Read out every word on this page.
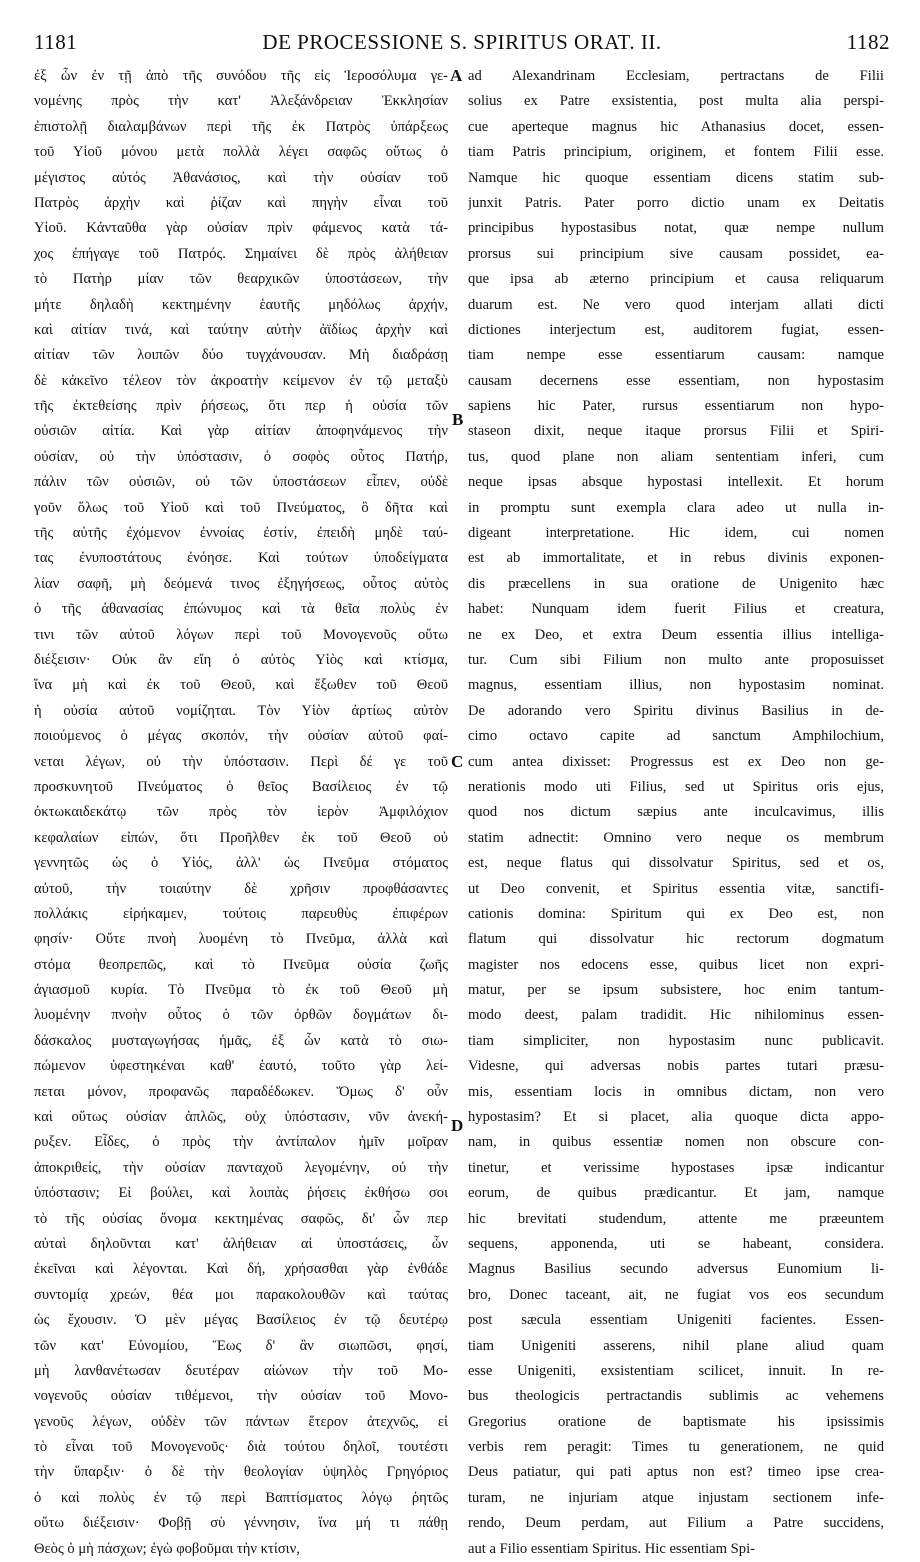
1181	DE PROCESSIONE S. SPIRITUS ORAT. II.	1182
ἐξ ὧν ἐν τῇ ἀπὸ τῆς συνόδου τῆς εἰς Ἱεροσόλυμα γε-
νομένης πρὸς τὴν κατ' Ἀλεξάνδρειαν Ἐκκλησίαν
ἐπιστολῇ διαλαμβάνων περὶ τῆς ἐκ Πατρὸς ὑπάρξεως
τοῦ Υἱοῦ μόνου μετὰ πολλὰ λέγει σαφῶς οὕτως ὁ
μέγιστος αὐτός Ἀθανάσιος, καὶ τὴν οὐσίαν τοῦ
Πατρὸς ἀρχὴν καὶ ῥίζαν καὶ πηγὴν εἶναι τοῦ
Υἱοῦ. Κἀνταῦθα γὰρ οὐσίαν πρὶν φάμενος κατὰ τά-
χος ἐπήγαγε τοῦ Πατρός. Σημαίνει δὲ πρὸς ἀλήθειαν
τὸ Πατὴρ μίαν τῶν θεαρχικῶν ὑποστάσεων, τὴν
μήτε δηλαδὴ κεκτημένην ἑαυτῆς μηδόλως ἀρχήν,
καὶ αἰτίαν τινά, καὶ ταύτην αὐτὴν ἀϊδίως ἀρχὴν καὶ
αἰτίαν τῶν λοιπῶν δύο τυγχάνουσαν. Μὴ διαδράσῃ
δὲ κἀκεῖνο τέλεον τὸν ἀκροατὴν κείμενον ἐν τῷ μεταξὺ
τῆς ἐκτεθείσης πρὶν ῥήσεως, ὅτι περ ἡ οὐσία τῶν
οὐσιῶν αἰτία. Καὶ γὰρ αἰτίαν ἀποφηνάμενος τὴν
οὐσίαν, οὐ τὴν ὑπόστασιν, ὁ σοφὸς οὗτος Πατήρ,
πάλιν τῶν οὐσιῶν, οὐ τῶν ὑποστάσεων εἶπεν, οὐδὲ
γοῦν ὅλως τοῦ Υἱοῦ καὶ τοῦ Πνεύματος, ὃ δῆτα καὶ
τῆς αὐτῆς ἐχόμενον ἐννοίας ἐστίν, ἐπειδὴ μηδὲ ταύ-
τας ἐνυποστάτους ἐνόησε. Καὶ τούτων ὑποδείγματα
λίαν σαφῆ, μὴ δεόμενά τινος ἐξηγήσεως, οὗτος αὐτὸς
ὁ τῆς ἀθανασίας ἐπώνυμος καὶ τὰ θεῖα πολὺς ἐν
τινι τῶν αὐτοῦ λόγων περὶ τοῦ Μονογενοῦς οὕτω
διέξεισιν· Οὐκ ἂν εἴη ὁ αὐτὸς Υἱὸς καὶ κτίσμα,
ἵνα μὴ καὶ ἐκ τοῦ Θεοῦ, καὶ ἔξωθεν τοῦ Θεοῦ
ἡ οὐσία αὐτοῦ νομίζηται. Τὸν Υἱὸν ἀρτίως αὐτὸν
ποιούμενος ὁ μέγας σκοπόν, τὴν οὐσίαν αὐτοῦ φαί-
νεται λέγων, οὐ τὴν ὑπόστασιν. Περὶ δέ γε τοῦ
προσκυνητοῦ Πνεύματος ὁ θεῖος Βασίλειος ἐν τῷ
ὀκτωκαιδεκάτῳ τῶν πρὸς τὸν ἱερὸν Ἀμφιλόχιον
κεφαλαίων εἰπών, ὅτι Προῆλθεν ἐκ τοῦ Θεοῦ οὐ
γεννητῶς ὡς ὁ Υἱός, ἀλλ' ὡς Πνεῦμα στόματος
αὐτοῦ, τὴν τοιαύτην δὲ χρῆσιν προφθάσαντες
πολλάκις εἰρήκαμεν, τούτοις παρευθὺς ἐπιφέρων
φησίν· Οὔτε πνοὴ λυομένη τὸ Πνεῦμα, ἀλλὰ καὶ
στόμα θεοπρεπῶς, καὶ τὸ Πνεῦμα οὐσία ζωῆς
ἁγιασμοῦ κυρία. Τὸ Πνεῦμα τὸ ἐκ τοῦ Θεοῦ μὴ
λυομένην πνοὴν οὗτος ὁ τῶν ὀρθῶν δογμάτων δι-
δάσκαλος μυσταγωγήσας ἡμᾶς, ἐξ ὧν κατὰ τὸ σιω-
πώμενον ὑφεστηκέναι καθ' ἑαυτό, τοῦτο γὰρ λεί-
πεται μόνον, προφανῶς παραδέδωκεν. Ὅμως δ' οὖν
καὶ οὕτως οὐσίαν ἁπλῶς, οὐχ ὑπόστασιν, νῦν ἀνεκή-
ρυξεν. Εἶδες, ὁ πρὸς τὴν ἀντίπαλον ἡμῖν μοῖραν
ἀποκριθείς, τὴν οὐσίαν πανταχοῦ λεγομένην, οὐ τὴν
ὑπόστασιν; Εἰ βούλει, καὶ λοιπὰς ῥήσεις ἐκθήσω σοι
τὸ τῆς οὐσίας ὄνομα κεκτημένας σαφῶς, δι' ὧν περ
αὐταὶ δηλοῦνται κατ' ἀλήθειαν αἱ ὑποστάσεις, ὧν
ἐκεῖναι καὶ λέγονται. Καὶ δή, χρήσασθαι γὰρ ἐνθάδε
συντομίᾳ χρεών, θέα μοι παρακολουθῶν καὶ ταύτας
ὡς ἔχουσιν. Ὁ μὲν μέγας Βασίλειος ἐν τῷ δευτέρῳ
τῶν κατ' Εὐνομίου, Ἕως δ' ἂν σιωπῶσι, φησί,
μὴ λανθανέτωσαν δευτέραν αἰώνων τὴν τοῦ Μο-
νογενοῦς οὐσίαν τιθέμενοι, τὴν οὐσίαν τοῦ Μονο-
γενοῦς λέγων, οὐδὲν τῶν πάντων ἕτερον ἀτεχνῶς, εἰ
τὸ εἶναι τοῦ Μονογενοῦς· διὰ τούτου δηλοῖ, τουτέστι
τὴν ὕπαρξιν· ὁ δὲ τὴν θεολογίαν ὑψηλὸς Γρηγόριος
ὁ καὶ πολὺς ἐν τῷ περὶ Βαπτίσματος λόγῳ ῥητῶς
οὕτω διέξεισιν· Φοβῇ σὺ γέννησιν, ἵνα μή τι πάθῃ
Θεὸς ὁ μὴ πάσχων; ἐγὼ φοβοῦμαι τὴν κτίσιν,
ad Alexandrinam Ecclesiam, pertractans de Filii
solius ex Patre exsistentia, post multa alia perspi-
cue aperteque magnus hic Athanasius docet, essen-
tiam Patris principium, originem, et fontem Filii esse.
Namque hic quoque essentiam dicens statim sub-
junxit Patris. Pater porro dictio unam ex Deitatis
principibus hypostasibus notat, quæ nempe nullum
prorsus sui principium sive causam possidet, ea-
que ipsa ab æterno principium et causa reliquarum
duarum est. Ne vero quod interjam allati dicti
dictiones interjectum est, auditorem fugiat, essen-
tiam nempe esse essentiarum causam: namque
causam decernens esse essentiam, non hypostasim
sapiens hic Pater, rursus essentiarum non hypo-
staseon dixit, neque itaque prorsus Filii et Spiri-
tus, quod plane non aliam sententiam inferi, cum
neque ipsas absque hypostasi intellexit. Et horum
in promptu sunt exempla clara adeo ut nulla in-
digeant interpretatione. Hic idem, cui nomen
est ab immortalitate, et in rebus divinis exponen-
dis præcellens in sua oratione de Unigenito hæc
habet: Nunquam idem fuerit Filius et creatura,
ne ex Deo, et extra Deum essentia illius intelliga-
tur. Cum sibi Filium non multo ante proposuisset
magnus, essentiam illius, non hypostasim nominat.
De adorando vero Spiritu divinus Basilius in de-
cimo octavo capite ad sanctum Amphilochium,
cum antea dixisset: Progressus est ex Deo non ge-
nerationis modo uti Filius, sed ut Spiritus oris ejus,
quod nos dictum sæpius ante inculcavimus, illis
statim adnectit: Omnino vero neque os membrum
est, neque flatus qui dissolvatur Spiritus, sed et os,
ut Deo convenit, et Spiritus essentia vitæ, sanctifi-
cationis domina: Spiritum qui ex Deo est, non
flatum qui dissolvatur hic rectorum dogmatum
magister nos edocens esse, quibus licet non expri-
matur, per se ipsum subsistere, hoc enim tantum-
modo deest, palam tradidit. Hic nihilominus essen-
tiam simpliciter, non hypostasim nunc publicavit.
Videsne, qui adversas nobis partes tutari præsu-
mis, essentiam locis in omnibus dictam, non vero
hypostasim? Et si placet, alia quoque dicta appo-
nam, in quibus essentiæ nomen non obscure con-
tinetur, et verissime hypostases ipsæ indicantur
eorum, de quibus prædicantur. Et jam, namque
hic brevitati studendum, attente me præeuntem
sequens, apponenda, uti se habeant, considera.
Magnus Basilius secundo adversus Eunomium li-
bro, Donec taceant, ait, ne fugiat vos eos secundum
post sæcula essentiam Unigeniti facientes. Essen-
tiam Unigeniti asserens, nihil plane aliud quam
esse Unigeniti, exsistentiam scilicet, innuit. In re-
bus theologicis pertractandis sublimis ac vehemens
Gregorius oratione de baptismate his ipsissimis
verbis rem peragit: Times tu generationem, ne quid
Deus patiatur, qui pati aptus non est? timeo ipse crea-
turam, ne injuriam atque injustam sectionem infe-
rendo, Deum perdam, aut Filium a Patre succidens,
aut a Filio essentiam Spiritus. Hic essentiam Spi-
A
B
C
D
